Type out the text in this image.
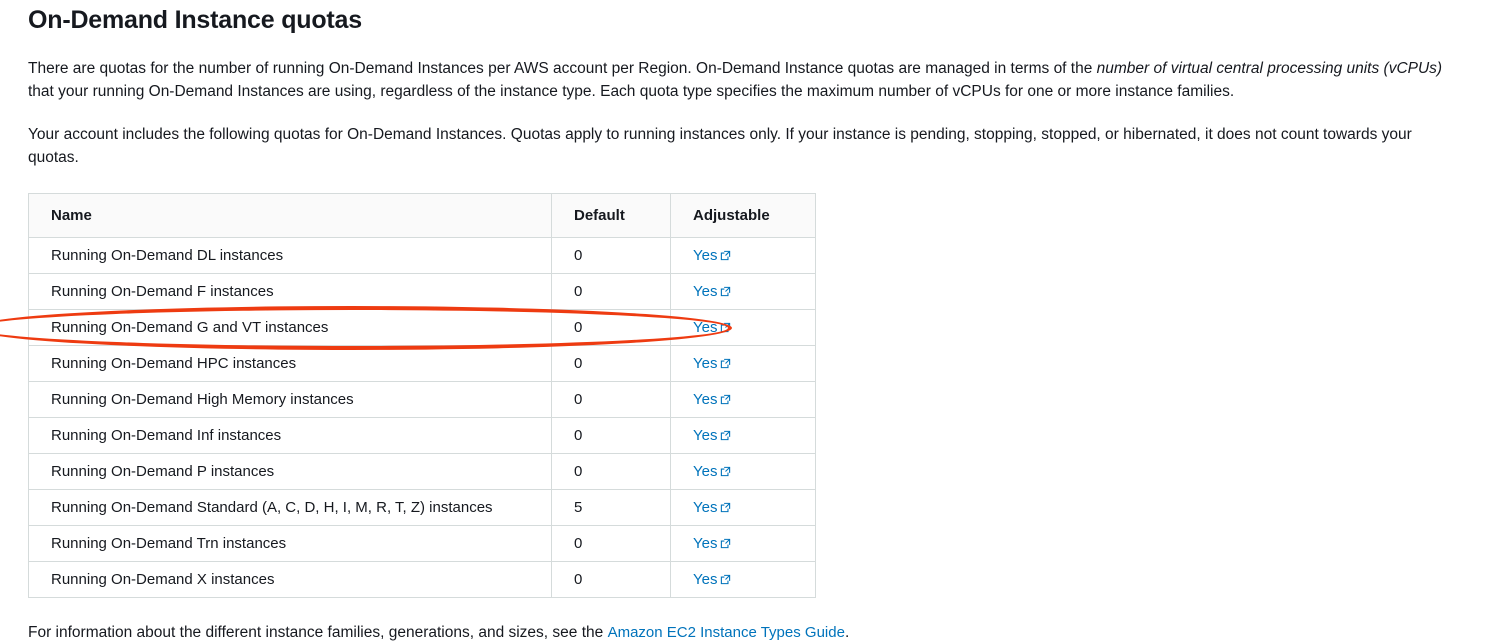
On-Demand Instance quotas

There are quotas for the number of running On-Demand Instances per AWS account per Region. On-Demand Instance quotas are managed in terms of the number of virtual central processing units (vCPUs) that your running On-Demand Instances are using, regardless of the instance type. Each quota type specifies the maximum number of vCPUs for one or more instance families.

Your account includes the following quotas for On-Demand Instances. Quotas apply to running instances only. If your instance is pending, stopping, stopped, or hibernated, it does not count towards your quotas.

Name	Default	Adjustable
Running On-Demand DL instances	0	Yes

Running On-Demand F instances	0	Yes

Running On-Demand G and VT instances	0	Yes

Running On-Demand HPC instances	0	Yes

Running On-Demand High Memory instances	0	Yes

Running On-Demand Inf instances	0	Yes

Running On-Demand P instances	0	Yes

Running On-Demand Standard (A, C, D, H, I, M, R, T, Z) instances	5	Yes

Running On-Demand Trn instances	0	Yes

Running On-Demand X instances	0	Yes

For information about the different instance families, generations, and sizes, see the Amazon EC2 Instance Types Guide.
